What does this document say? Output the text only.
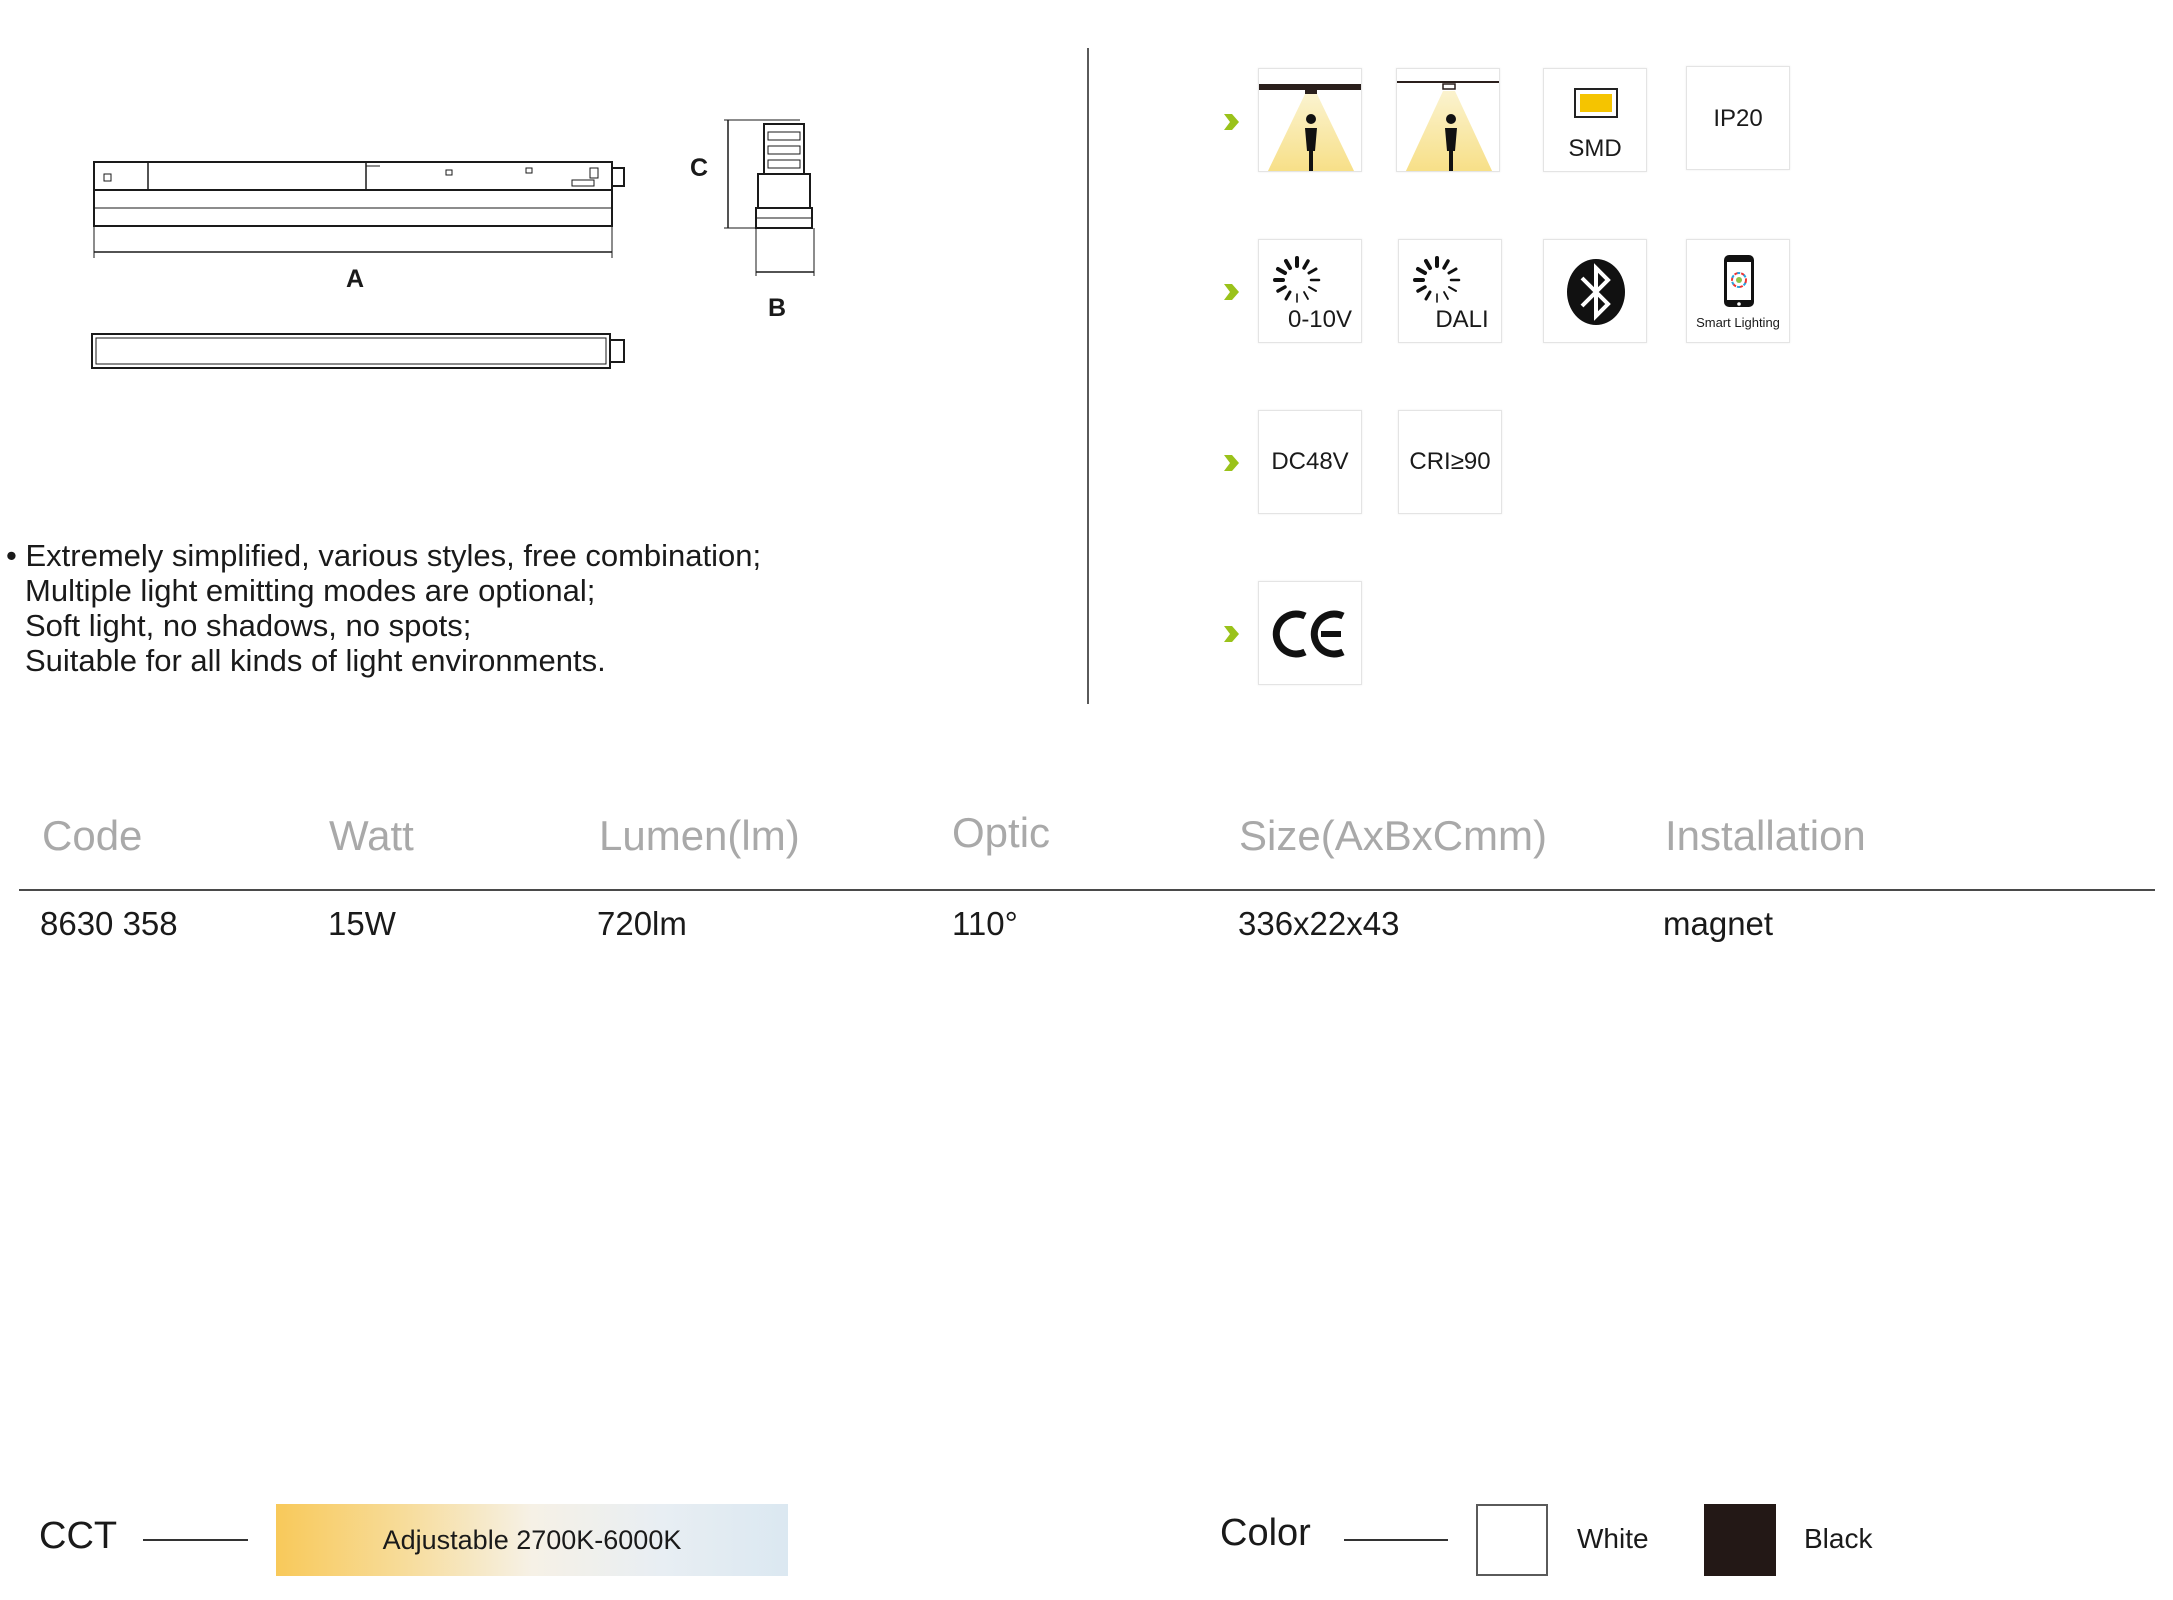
A
B
C
• Extremely simplified, various styles, free combination;
Multiple light emitting modes are optional;
Soft light, no shadows, no spots;
Suitable for all kinds of light environments.
SMD
IP20
0-10V	DALI	Smart Lighting
DC48V	CRI≥90
Code	Watt	Lumen(lm)	Optic	Size(AxBxCmm)	Installation
8630 358	15W	720lm	110°	336x22x43	magnet
CCT	Adjustable 2700K-6000K	Color	White	Black
